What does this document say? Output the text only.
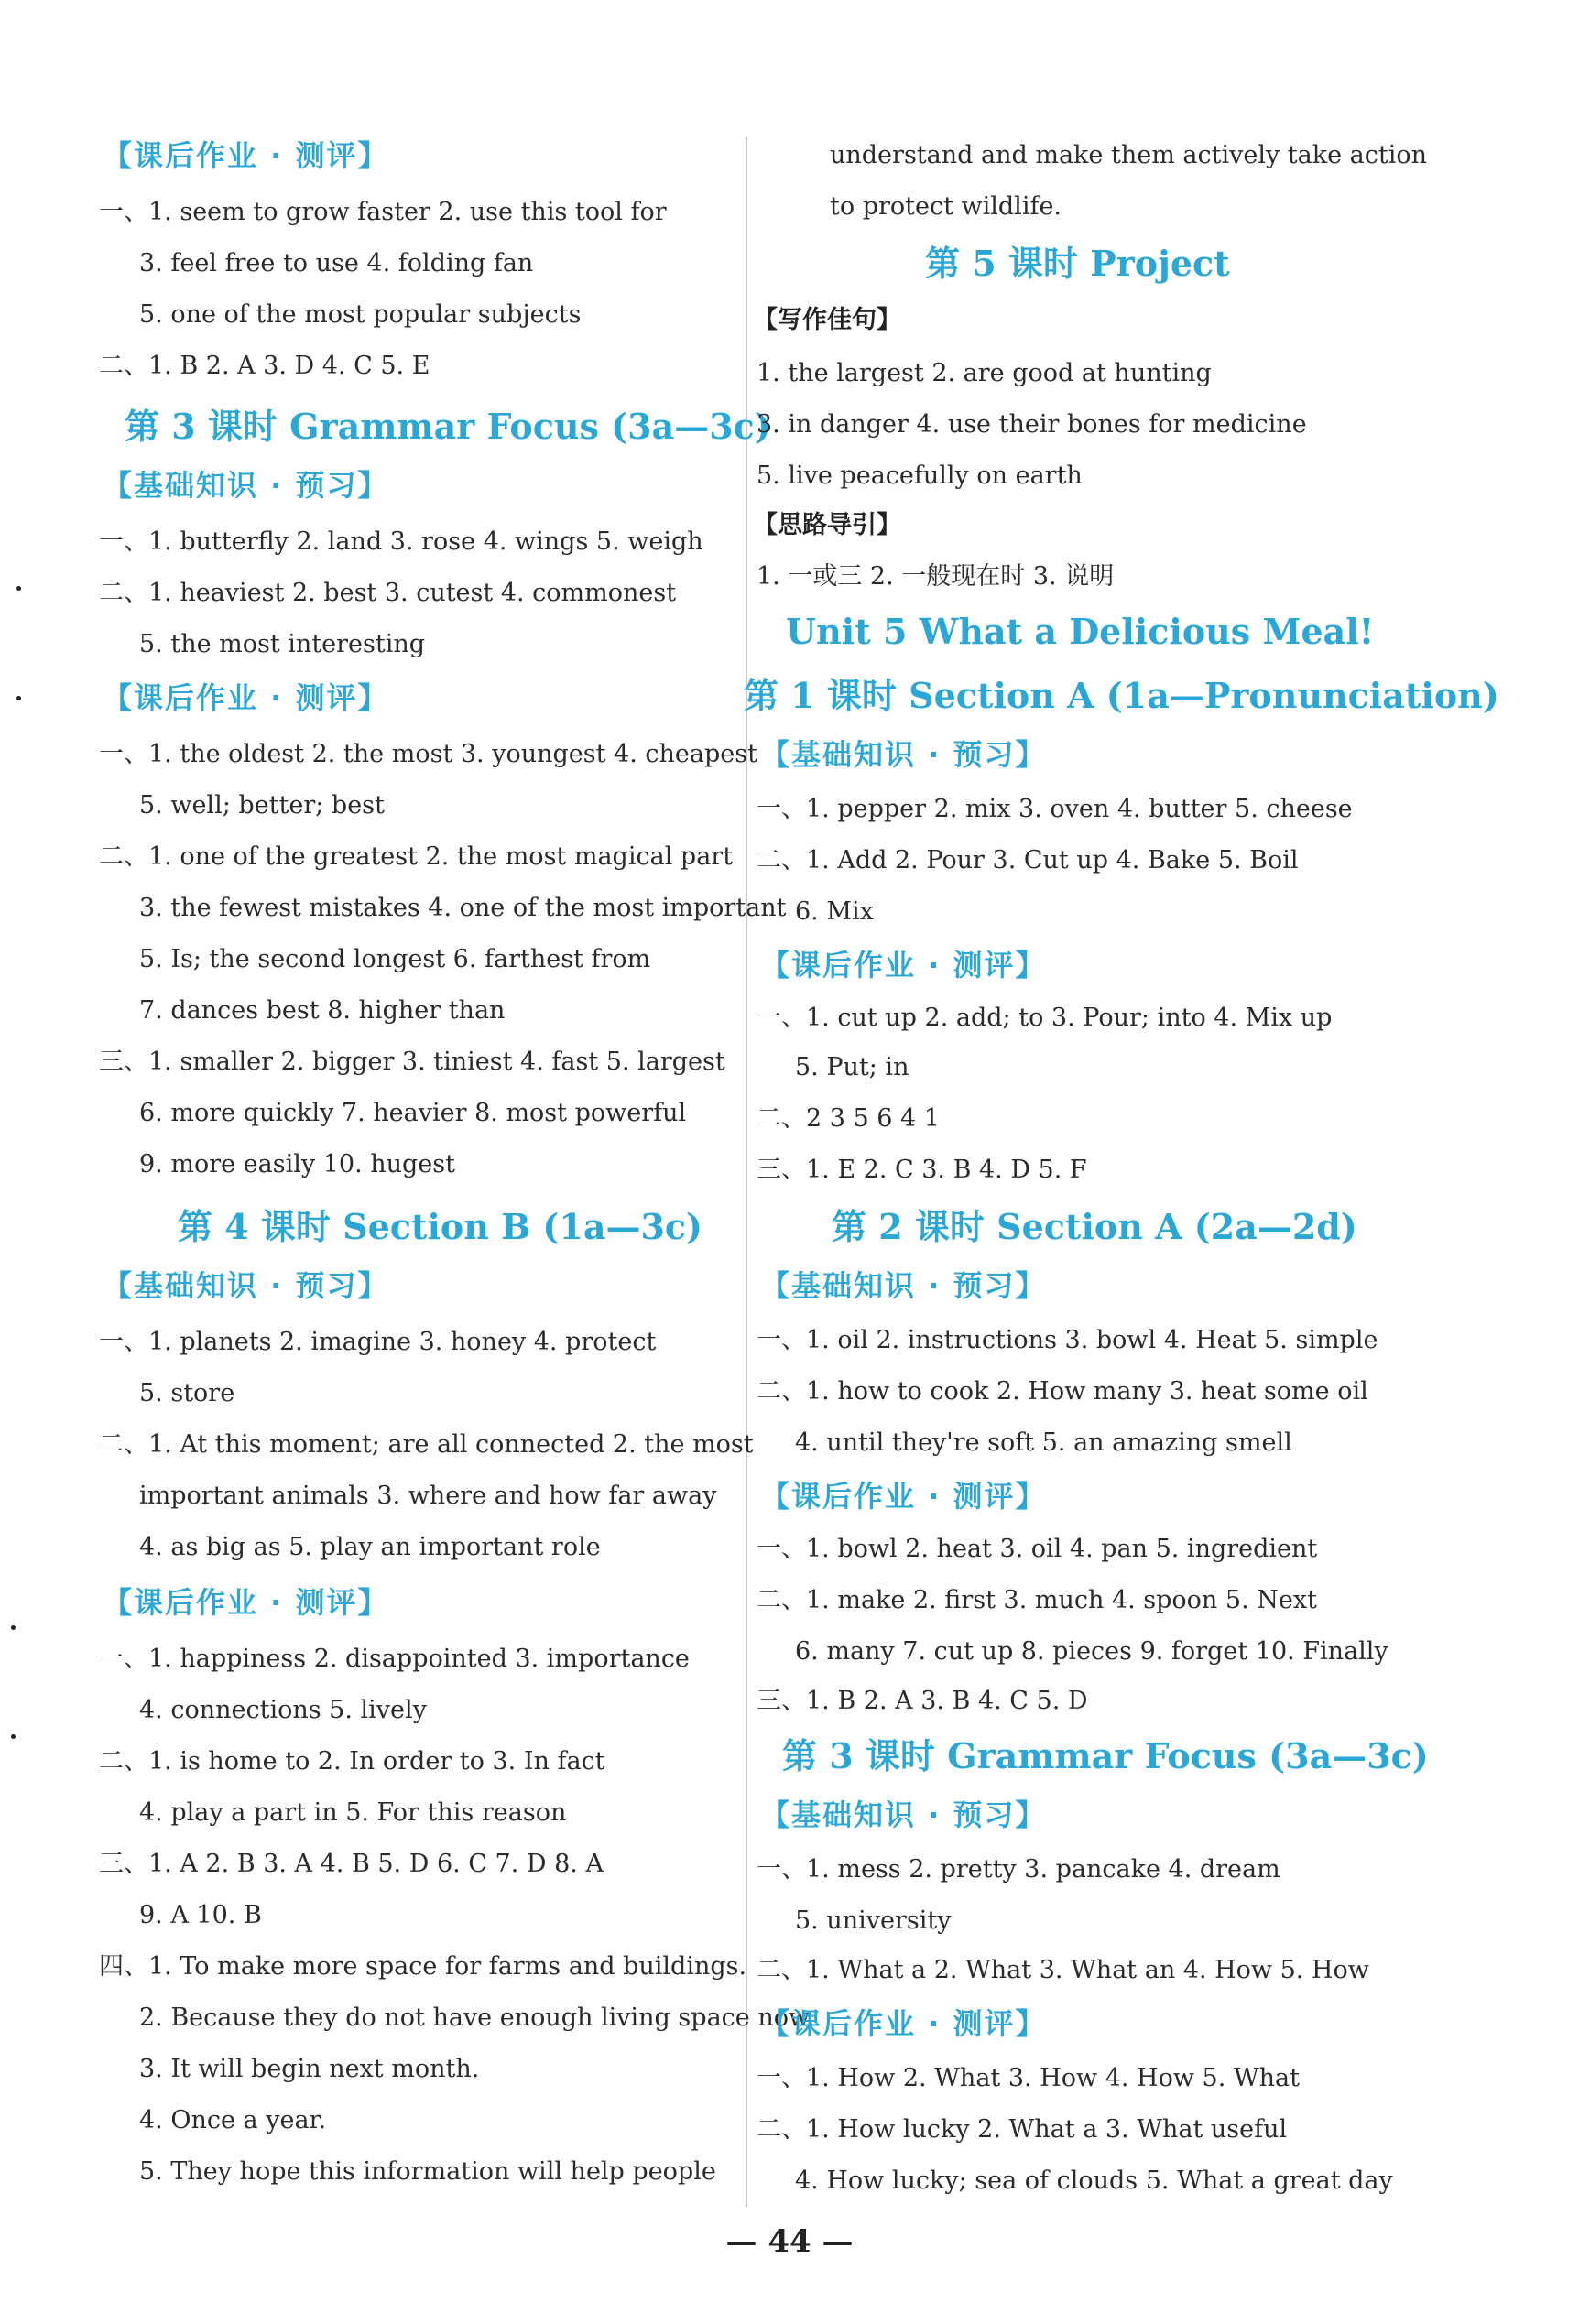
【课后作业 · 测评】
一、1. seem to grow faster 2. use this tool for
3. feel free to use 4. folding fan
5. one of the most popular subjects
二、1. B 2. A 3. D 4. C 5. E
第 3 课时 Grammar Focus (3a—3c)
【基础知识 · 预习】
一、1. butterfly 2. land 3. rose 4. wings 5. weigh
二、1. heaviest 2. best 3. cutest 4. commonest
5. the most interesting
【课后作业 · 测评】
一、1. the oldest 2. the most 3. youngest 4. cheapest
5. well; better; best
二、1. one of the greatest 2. the most magical part
3. the fewest mistakes 4. one of the most important
5. Is; the second longest 6. farthest from
7. dances best 8. higher than
三、1. smaller 2. bigger 3. tiniest 4. fast 5. largest
6. more quickly 7. heavier 8. most powerful
9. more easily 10. hugest
第 4 课时 Section B (1a—3c)
【基础知识 · 预习】
一、1. planets 2. imagine 3. honey 4. protect
5. store
二、1. At this moment; are all connected 2. the most
important animals 3. where and how far away
4. as big as 5. play an important role
【课后作业 · 测评】
一、1. happiness 2. disappointed 3. importance
4. connections 5. lively
二、1. is home to 2. In order to 3. In fact
4. play a part in 5. For this reason
三、1. A 2. B 3. A 4. B 5. D 6. C 7. D 8. A
9. A 10. B
四、1. To make more space for farms and buildings.
2. Because they do not have enough living space now.
3. It will begin next month.
4. Once a year.
5. They hope this information will help people
understand and make them actively take action
to protect wildlife.
第 5 课时 Project
【写作佳句】
1. the largest 2. are good at hunting
3. in danger 4. use their bones for medicine
5. live peacefully on earth
【思路导引】
1. 一或三 2. 一般现在时 3. 说明
Unit 5 What a Delicious Meal!
第 1 课时 Section A (1a—Pronunciation)
【基础知识 · 预习】
一、1. pepper 2. mix 3. oven 4. butter 5. cheese
二、1. Add 2. Pour 3. Cut up 4. Bake 5. Boil
6. Mix
【课后作业 · 测评】
一、1. cut up 2. add; to 3. Pour; into 4. Mix up
5. Put; in
二、2 3 5 6 4 1
三、1. E 2. C 3. B 4. D 5. F
第 2 课时 Section A (2a—2d)
【基础知识 · 预习】
一、1. oil 2. instructions 3. bowl 4. Heat 5. simple
二、1. how to cook 2. How many 3. heat some oil
4. until they're soft 5. an amazing smell
【课后作业 · 测评】
一、1. bowl 2. heat 3. oil 4. pan 5. ingredient
二、1. make 2. first 3. much 4. spoon 5. Next
6. many 7. cut up 8. pieces 9. forget 10. Finally
三、1. B 2. A 3. B 4. C 5. D
第 3 课时 Grammar Focus (3a—3c)
【基础知识 · 预习】
一、1. mess 2. pretty 3. pancake 4. dream
5. university
二、1. What a 2. What 3. What an 4. How 5. How
【课后作业 · 测评】
一、1. How 2. What 3. How 4. How 5. What
二、1. How lucky 2. What a 3. What useful
4. How lucky; sea of clouds 5. What a great day
— 44 —
